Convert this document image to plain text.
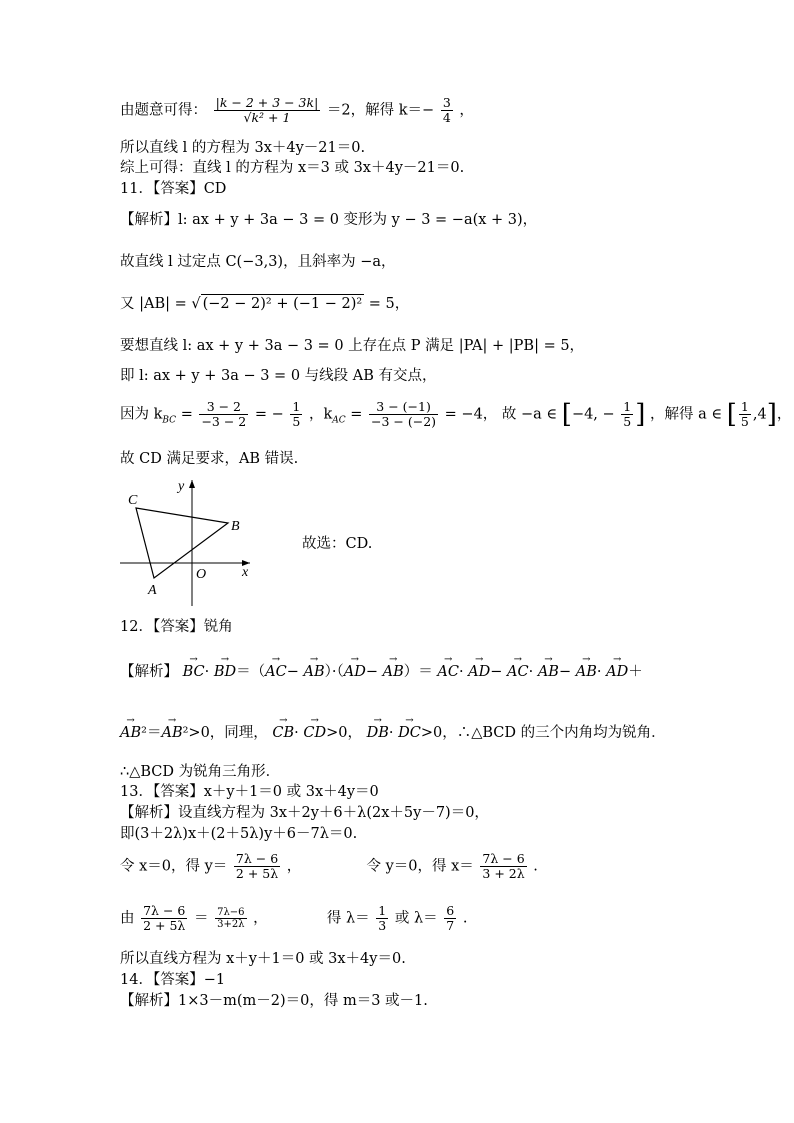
由题意可得： $\frac{|k - 2 + 3 - 3k|}{\text{√k² + 1}} =2$，解得 $k=- \frac{3}{4}$ ，
所以直线 l 的方程为 3x＋4y－21＝0.
综上可得：直线 l 的方程为 x＝3 或 3x＋4y－21＝0.
11．【答案】CD
【解析】l: ax + y + 3a − 3 = 0 变形为 y − 3 = −a(x + 3)，
故直线 l 过定点 C(−3,3)，且斜率为 −a，
又 |AB| = √ (−2 − 2)² + (−1 − 2)² = 5，
要想直线 l: ax + y + 3a − 3 = 0 上存在点 P 满足 |PA| + |PB| = 5，
即 l: ax + y + 3a − 3 = 0 与线段 AB 有交点，
因为 $k_{BC} = \frac{3 - 2}{-3 - 2}$ = − $\frac{1}{5}$ ，$k_{AC} = \frac{3 - (-1)}{-3 - (-2)} = -4$， 故 −a ∈ [−4, − $\frac{1}{5}$ ] ，解得 a ∈ [ $\frac{1}{5} ,4$]，
故 CD 满足要求，AB 错误.
C
B
A
O	x
y
故选：CD.
12．【答案】锐角
【解析】 → BC· → BD＝（→ AC− → AB）·（→ AD− → AB）＝ → AC· → AD− → AC· → AB− → AB· → AD＋
→ AB²＝→ AB²>0，同理， → CB· → CD>0， → DB· → DC>0，∴△BCD 的三个内角均为锐角．
∴△BCD 为锐角三角形．
13．【答案】x＋y＋1＝0 或 3x＋4y＝0
【解析】设直线方程为 3x＋2y＋6＋λ(2x＋5y－7)＝0，
即(3＋2λ)x＋(2＋5λ)y＋6－7λ＝0.
令 x＝0，得 $y= \frac{7\lambda - 6}{2 + 5\lambda}$ ，	令 y＝0，得 $x= \frac{7\lambda - 6}{3 + 2\lambda}$ .
由 $\frac{7\lambda - 6}{2 + 5\lambda} = \frac{7\lambda-6}{3+2\lambda}$ ，	得 $\lambda= \frac{1}{3}$ 或 $\lambda= \frac{6}{7}$ .
所以直线方程为 x＋y＋1＝0 或 3x＋4y＝0.
14．【答案】−1
【解析】1×3－m(m－2)＝0，得 m＝3 或－1.
